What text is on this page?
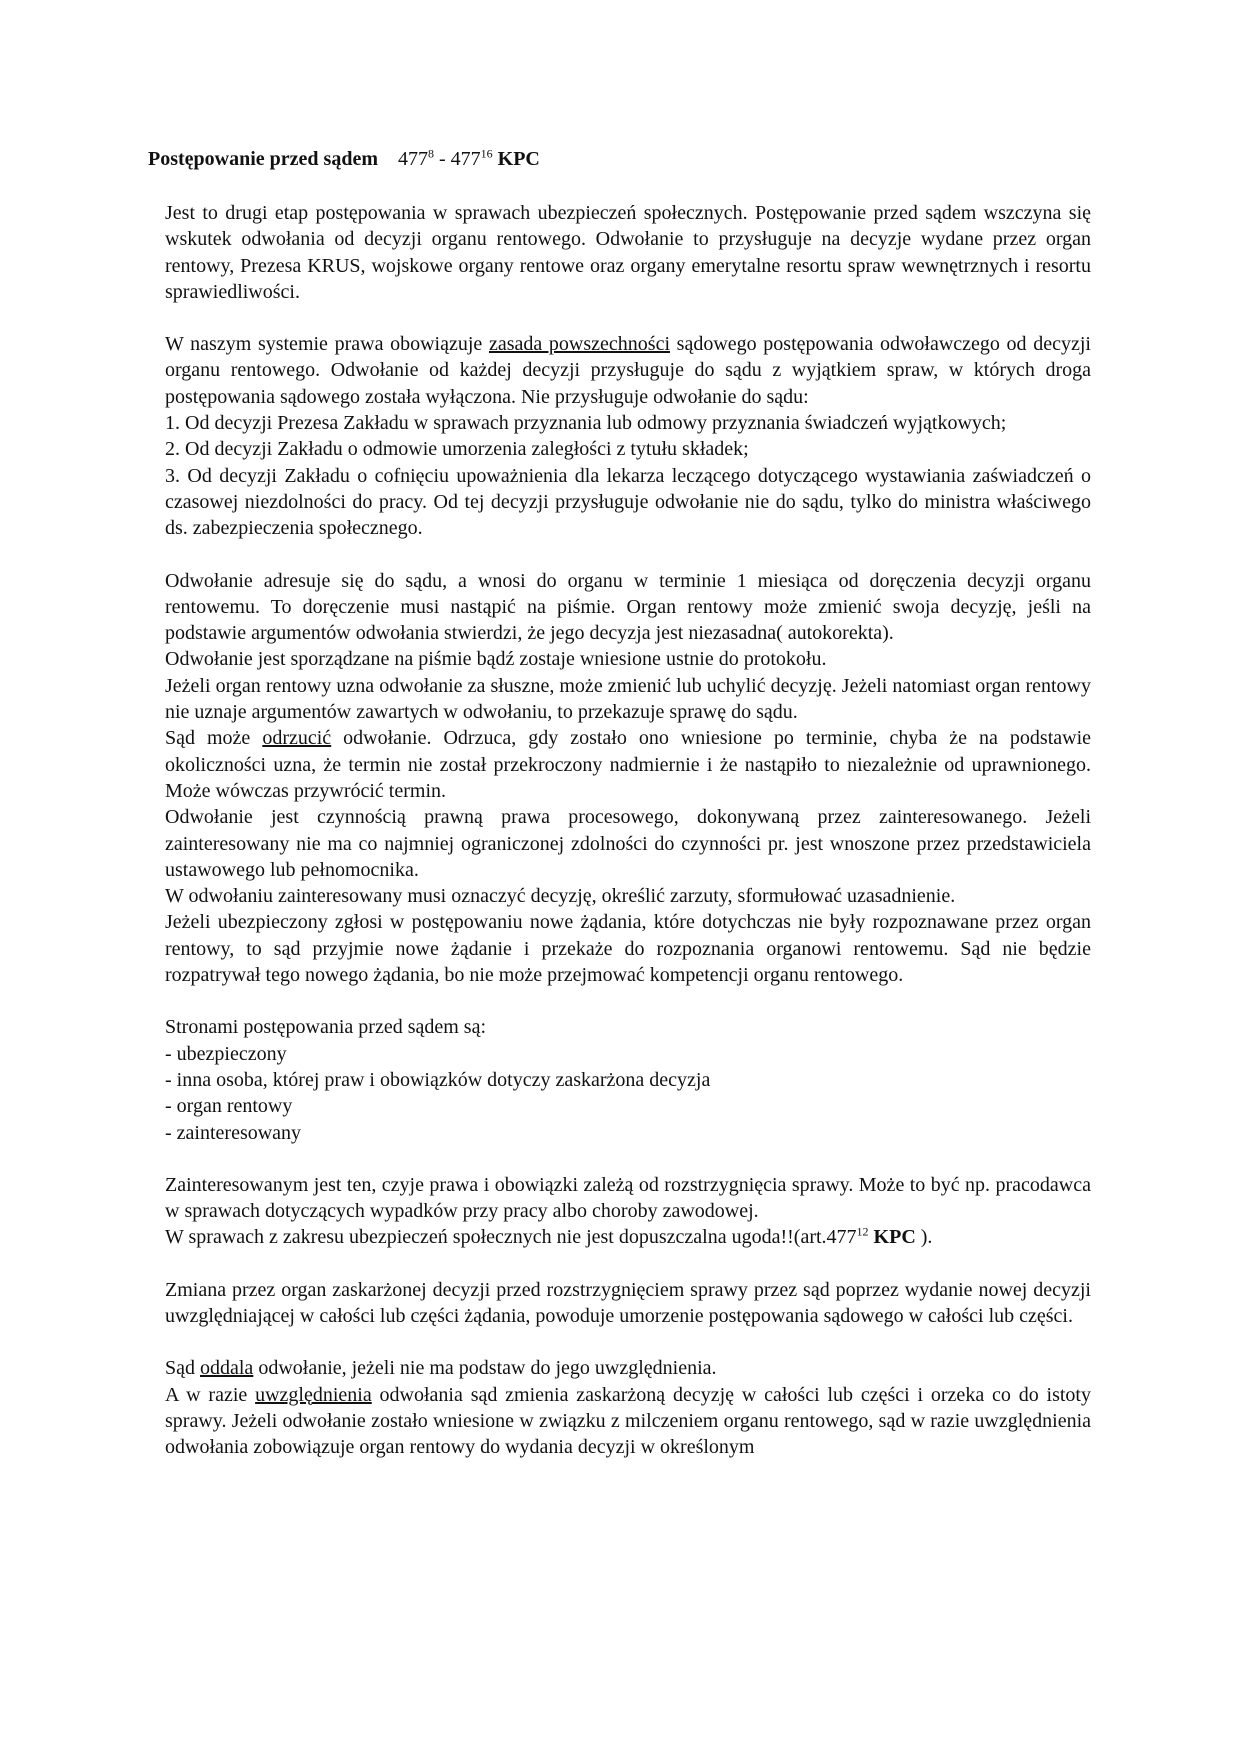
Postępowanie przed sądem $477^8 - 477^{16}$ KPC

Jest to drugi etap postępowania w sprawach ubezpieczeń społecznych. Postępowanie przed sądem wszczyna się wskutek odwołania od decyzji organu rentowego. Odwołanie to przysługuje na decyzje wydane przez organ rentowy, Prezesa KRUS, wojskowe organy rentowe oraz organy emerytalne resortu spraw wewnętrznych i resortu sprawiedliwości.

W naszym systemie prawa obowiązuje zasada powszechności sądowego postępowania odwoławczego od decyzji organu rentowego. Odwołanie od każdej decyzji przysługuje do sądu z wyjątkiem spraw, w których droga postępowania sądowego została wyłączona. Nie przysługuje odwołanie do sądu:

1. Od decyzji Prezesa Zakładu w sprawach przyznania lub odmowy przyznania świadczeń wyjątkowych;

2. Od decyzji Zakładu o odmowie umorzenia zaległości z tytułu składek;

3. Od decyzji Zakładu o cofnięciu upoważnienia dla lekarza leczącego dotyczącego wystawiania zaświadczeń o czasowej niezdolności do pracy. Od tej decyzji przysługuje odwołanie nie do sądu, tylko do ministra właściwego ds. zabezpieczenia społecznego.

Odwołanie adresuje się do sądu, a wnosi do organu w terminie 1 miesiąca od doręczenia decyzji organu rentowemu. To doręczenie musi nastąpić na piśmie. Organ rentowy może zmienić swoja decyzję, jeśli na podstawie argumentów odwołania stwierdzi, że jego decyzja jest niezasadna( autokorekta).

Odwołanie jest sporządzane na piśmie bądź zostaje wniesione ustnie do protokołu.

Jeżeli organ rentowy uzna odwołanie za słuszne, może zmienić lub uchylić decyzję. Jeżeli natomiast organ rentowy nie uznaje argumentów zawartych w odwołaniu, to przekazuje sprawę do sądu.

Sąd może odrzucić odwołanie. Odrzuca, gdy zostało ono wniesione po terminie, chyba że na podstawie okoliczności uzna, że termin nie został przekroczony nadmiernie i że nastąpiło to niezależnie od uprawnionego. Może wówczas przywrócić termin.

Odwołanie jest czynnością prawną prawa procesowego, dokonywaną przez zainteresowanego. Jeżeli zainteresowany nie ma co najmniej ograniczonej zdolności do czynności pr. jest wnoszone przez przedstawiciela ustawowego lub pełnomocnika.

W odwołaniu zainteresowany musi oznaczyć decyzję, określić zarzuty, sformułować uzasadnienie.

Jeżeli ubezpieczony zgłosi w postępowaniu nowe żądania, które dotychczas nie były rozpoznawane przez organ rentowy, to sąd przyjmie nowe żądanie i przekaże do rozpoznania organowi rentowemu. Sąd nie będzie rozpatrywał tego nowego żądania, bo nie może przejmować kompetencji organu rentowego.

Stronami postępowania przed sądem są:

- ubezpieczony

- inna osoba, której praw i obowiązków dotyczy zaskarżona decyzja

- organ rentowy

- zainteresowany

Zainteresowanym jest ten, czyje prawa i obowiązki zależą od rozstrzygnięcia sprawy. Może to być np. pracodawca w sprawach dotyczących wypadków przy pracy albo choroby zawodowej.

W sprawach z zakresu ubezpieczeń społecznych nie jest dopuszczalna ugoda!!(art.477$^{12}$ KPC ).

Zmiana przez organ zaskarżonej decyzji przed rozstrzygnięciem sprawy przez sąd poprzez wydanie nowej decyzji uwzględniającej w całości lub części żądania, powoduje umorzenie postępowania sądowego w całości lub części.

Sąd oddala odwołanie, jeżeli nie ma podstaw do jego uwzględnienia.

A w razie uwzględnienia odwołania sąd zmienia zaskarżoną decyzję w całości lub części i orzeka co do istoty sprawy. Jeżeli odwołanie zostało wniesione w związku z milczeniem organu rentowego, sąd w razie uwzględnienia odwołania zobowiązuje organ rentowy do wydania decyzji w określonym
